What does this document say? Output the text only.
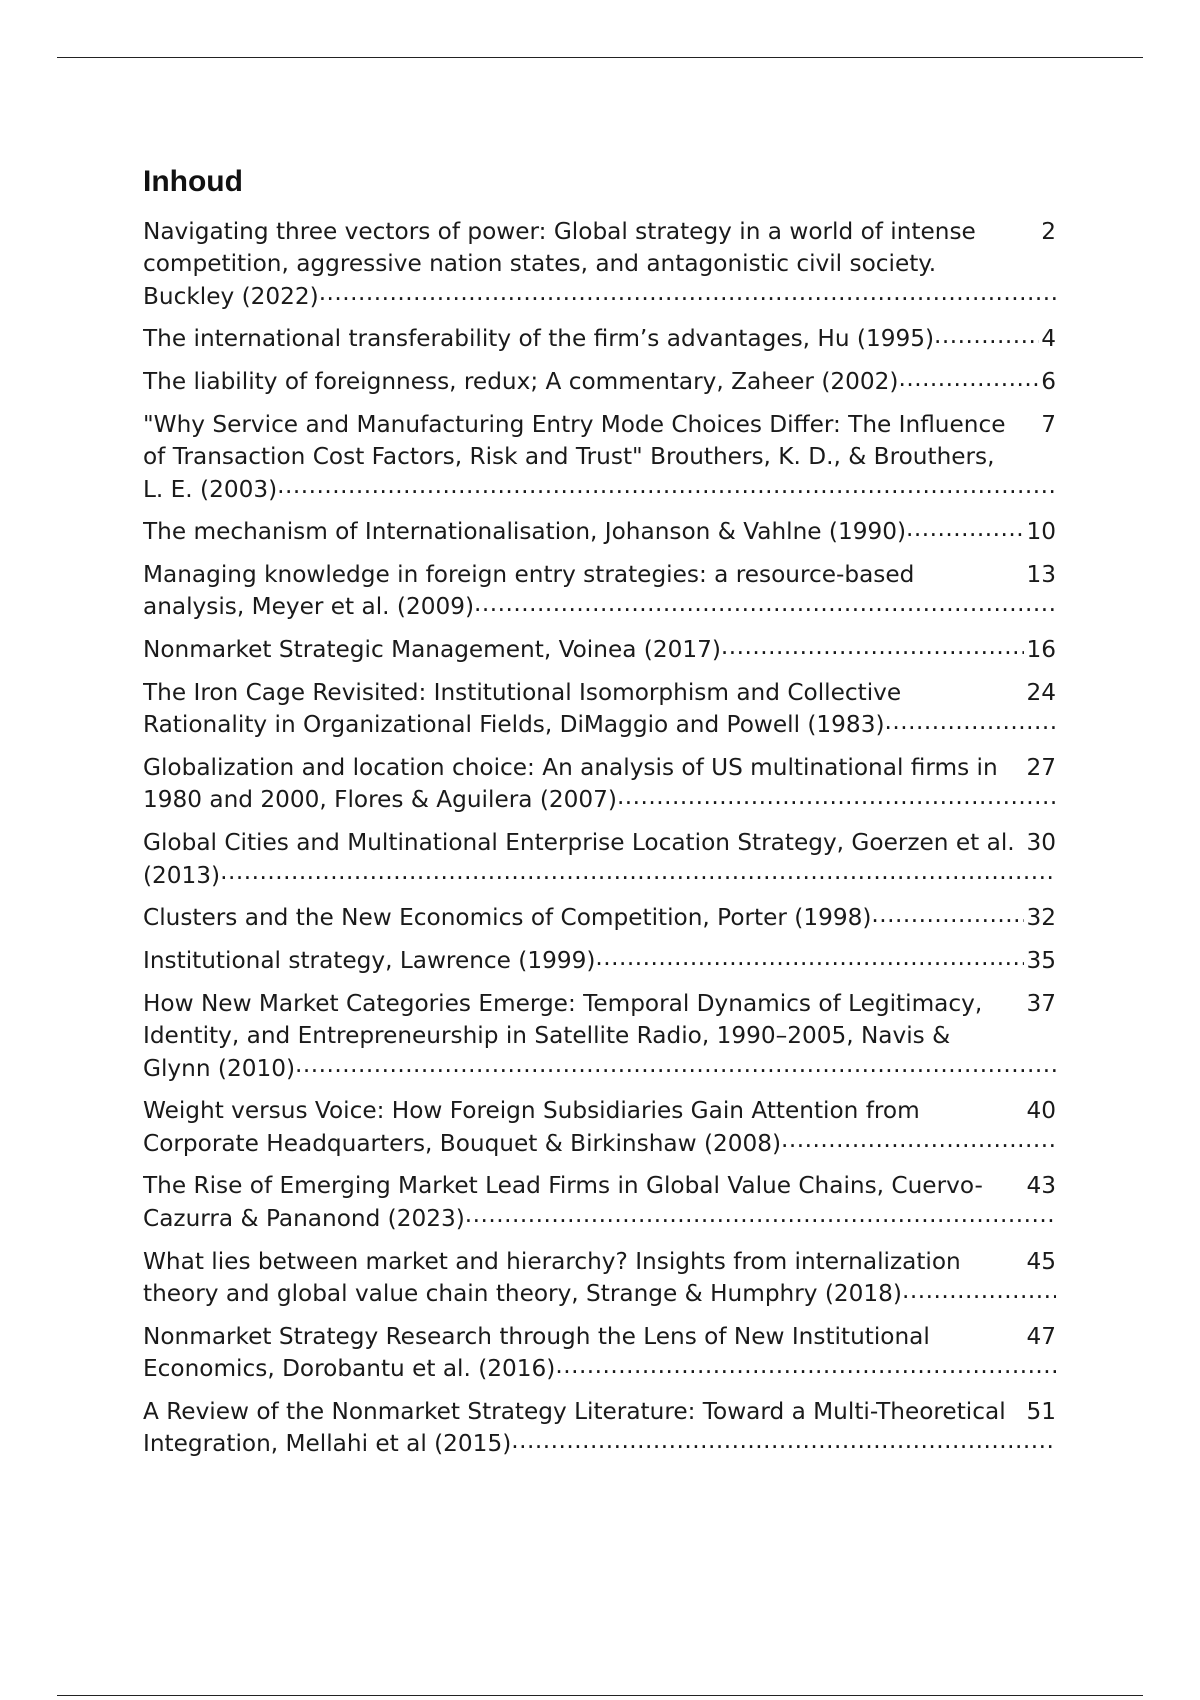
Inhoud
2
Navigating three vectors of power: Global strategy in a world of intense competition, aggressive nation states, and antagonistic civil society. Buckley (2022) .....
4
The international transferability of the firm’s advantages, Hu (1995) .....
6
The liability of foreignness, redux; A commentary, Zaheer (2002) .....
7
"Why Service and Manufacturing Entry Mode Choices Differ: The Influence of Transaction Cost Factors, Risk and Trust" Brouthers, K. D., & Brouthers, L. E. (2003) .....
10
The mechanism of Internationalisation, Johanson & Vahlne (1990) .....
13
Managing knowledge in foreign entry strategies: a resource-based analysis, Meyer et al. (2009) .....
16
Nonmarket Strategic Management, Voinea (2017) .....
24
The Iron Cage Revisited: Institutional Isomorphism and Collective Rationality in Organizational Fields, DiMaggio and Powell (1983) .....
27
Globalization and location choice: An analysis of US multinational firms in 1980 and 2000, Flores & Aguilera (2007) .....
30
Global Cities and Multinational Enterprise Location Strategy, Goerzen et al. (2013) .....
32
Clusters and the New Economics of Competition, Porter (1998) .....
35
Institutional strategy, Lawrence (1999) .....
37
How New Market Categories Emerge: Temporal Dynamics of Legitimacy, Identity, and Entrepreneurship in Satellite Radio, 1990–2005, Navis & Glynn (2010) .....
40
Weight versus Voice: How Foreign Subsidiaries Gain Attention from Corporate Headquarters, Bouquet & Birkinshaw (2008) .....
43
The Rise of Emerging Market Lead Firms in Global Value Chains, Cuervo-Cazurra & Pananond (2023) .....
45
What lies between market and hierarchy? Insights from internalization theory and global value chain theory, Strange & Humphry (2018) .....
47
Nonmarket Strategy Research through the Lens of New Institutional Economics, Dorobantu et al. (2016) .....
51
A Review of the Nonmarket Strategy Literature: Toward a Multi-Theoretical Integration, Mellahi et al (2015) .....
